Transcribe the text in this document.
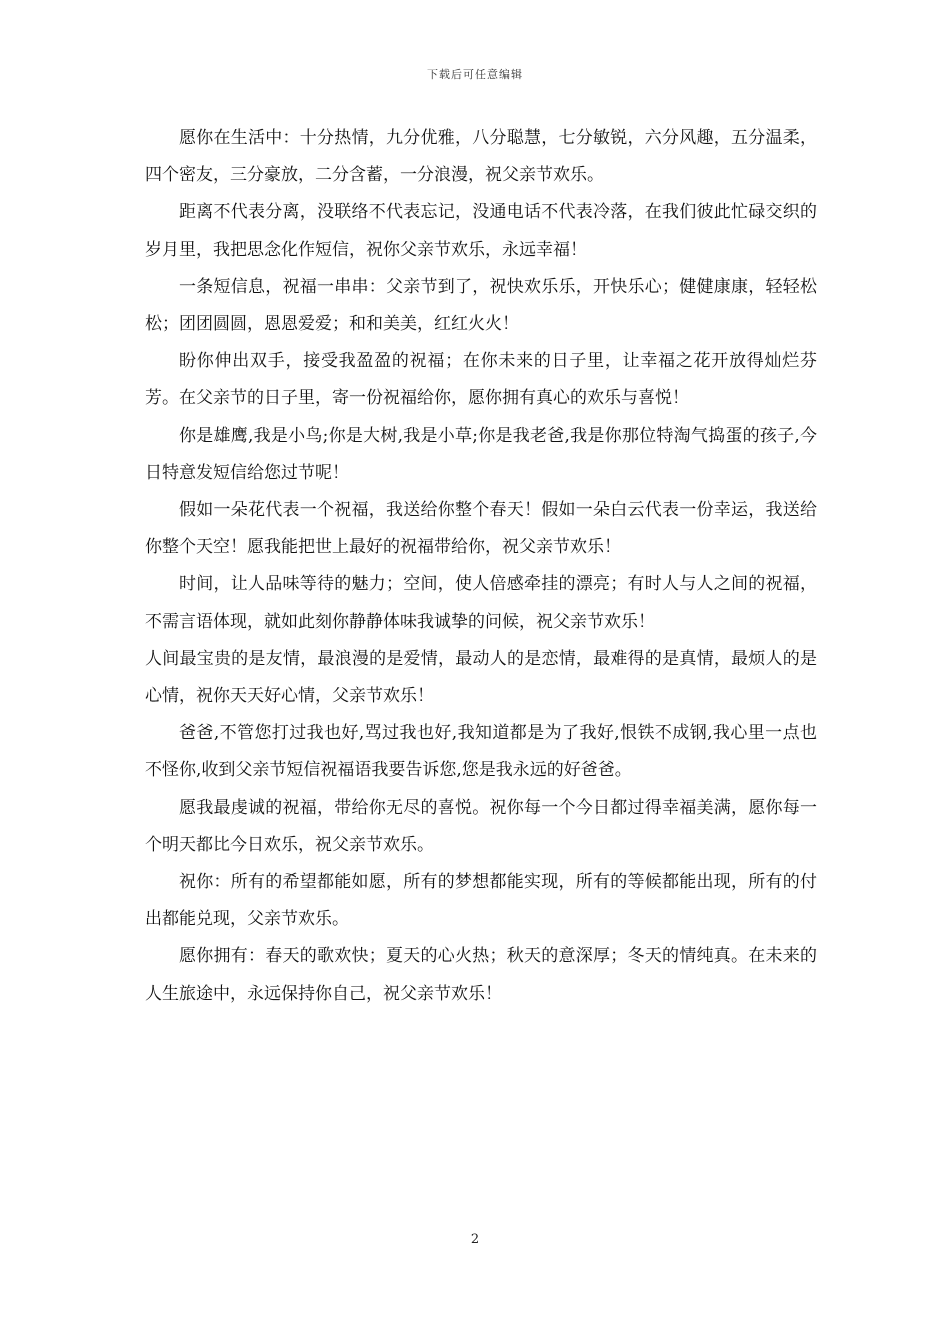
下载后可任意编辑

愿你在生活中：十分热情，九分优雅，八分聪慧，七分敏锐，六分风趣，五分温柔，四个密友，三分豪放，二分含蓄，一分浪漫，祝父亲节欢乐。

距离不代表分离，没联络不代表忘记，没通电话不代表冷落，在我们彼此忙碌交织的岁月里，我把思念化作短信，祝你父亲节欢乐，永远幸福！

一条短信息，祝福一串串：父亲节到了，祝快欢乐乐，开快乐心；健健康康，轻轻松松；团团圆圆，恩恩爱爱；和和美美，红红火火！

盼你伸出双手，接受我盈盈的祝福；在你未来的日子里，让幸福之花开放得灿烂芬芳。在父亲节的日子里，寄一份祝福给你，愿你拥有真心的欢乐与喜悦！

你是雄鹰,我是小鸟;你是大树,我是小草;你是我老爸,我是你那位特淘气捣蛋的孩子,今日特意发短信给您过节呢！

假如一朵花代表一个祝福，我送给你整个春天！假如一朵白云代表一份幸运，我送给你整个天空！愿我能把世上最好的祝福带给你，祝父亲节欢乐！

时间，让人品味等待的魅力；空间，使人倍感牵挂的漂亮；有时人与人之间的祝福，不需言语体现，就如此刻你静静体味我诚挚的问候，祝父亲节欢乐！

人间最宝贵的是友情，最浪漫的是爱情，最动人的是恋情，最难得的是真情，最烦人的是心情，祝你天天好心情，父亲节欢乐！

爸爸,不管您打过我也好,骂过我也好,我知道都是为了我好,恨铁不成钢,我心里一点也不怪你,收到父亲节短信祝福语我要告诉您,您是我永远的好爸爸。

愿我最虔诚的祝福，带给你无尽的喜悦。祝你每一个今日都过得幸福美满，愿你每一个明天都比今日欢乐，祝父亲节欢乐。

祝你：所有的希望都能如愿，所有的梦想都能实现，所有的等候都能出现，所有的付出都能兑现，父亲节欢乐。

愿你拥有：春天的歌欢快；夏天的心火热；秋天的意深厚；冬天的情纯真。在未来的人生旅途中，永远保持你自己，祝父亲节欢乐！

2
